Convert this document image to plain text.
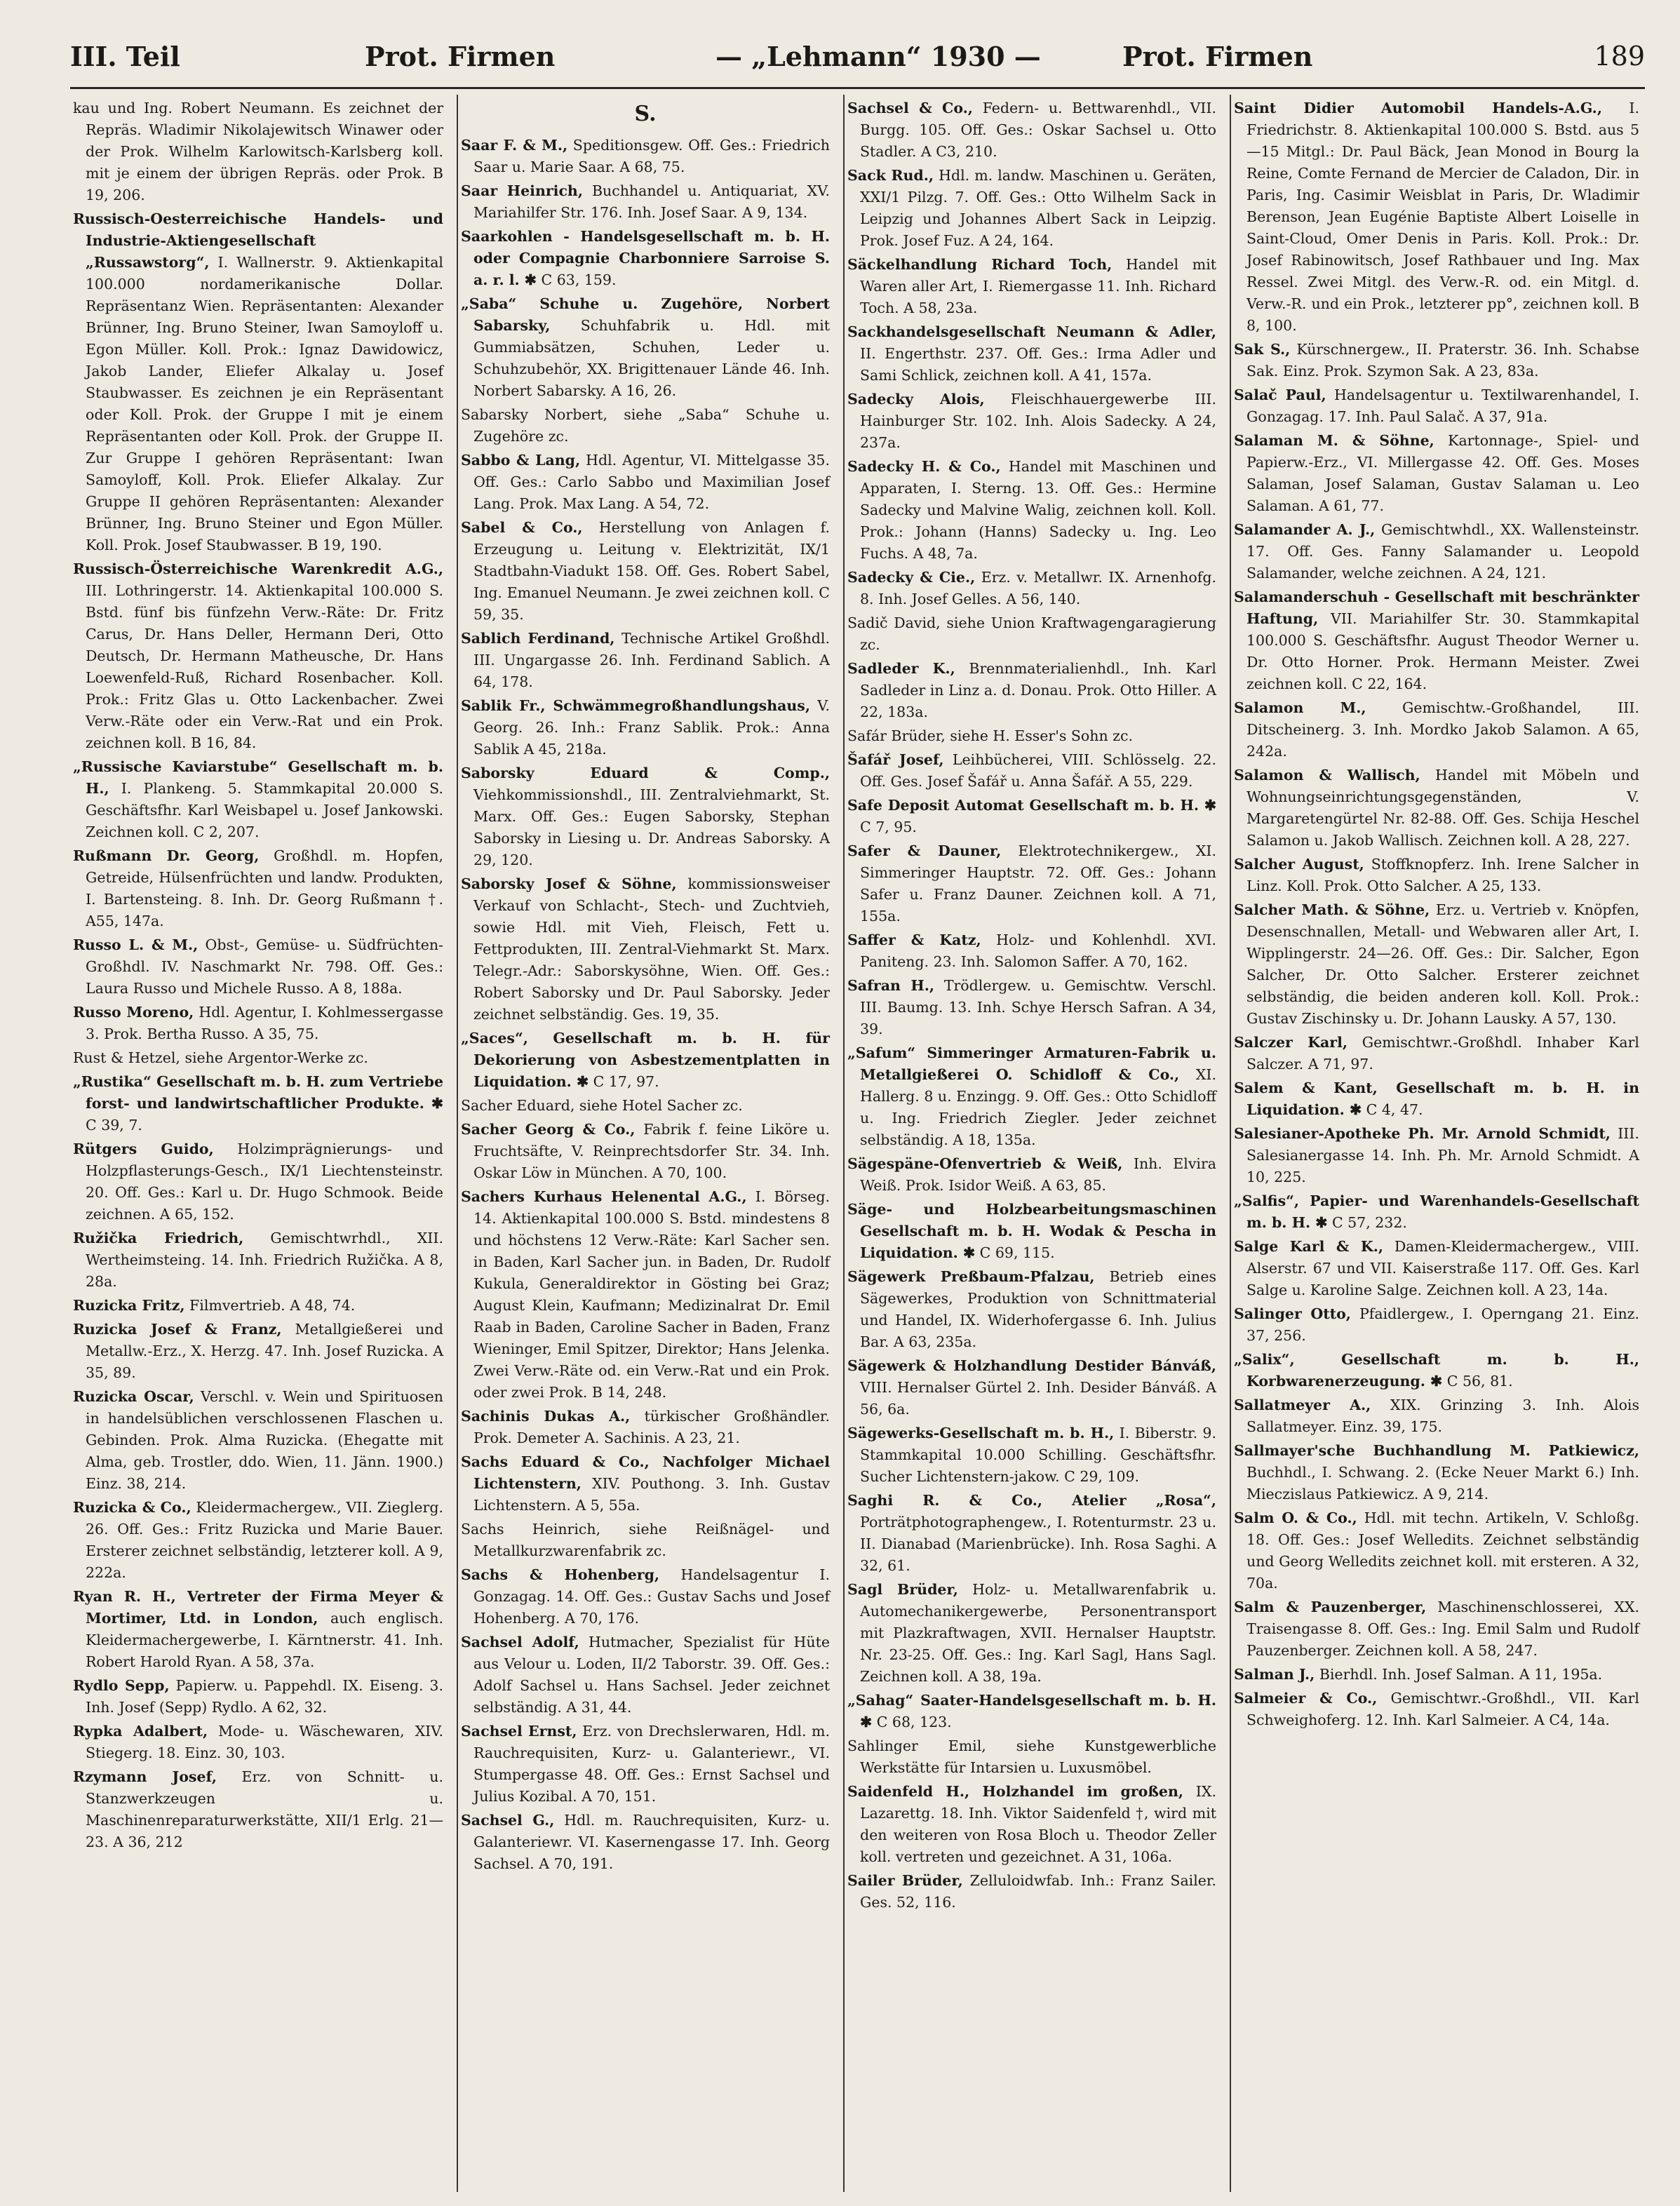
III. Teil	Prot. Firmen	— „Lehmann“ 1930 —	Prot. Firmen	189
kau und Ing. Robert Neumann. Es zeichnet der Repräs. Wladimir Nikolajewitsch Winawer oder der Prok. Wilhelm Karlowitsch-Karlsberg koll. mit je einem der übrigen Repräs. oder Prok. B 19, 206.
Russisch-Oesterreichische Handels- und Industrie-Aktiengesellschaft „Russawstorg“, I. Wallnerstr. 9. Aktienkapital 100.000 nordamerikanische Dollar. Repräsentanz Wien. Repräsentanten: Alexander Brünner, Ing. Bruno Steiner, Iwan Samoyloff u. Egon Müller. Koll. Prok.: Ignaz Dawidowicz, Jakob Lander, Eliefer Alkalay u. Josef Staubwasser. Es zeichnen je ein Repräsentant oder Koll. Prok. der Gruppe I mit je einem Repräsentanten oder Koll. Prok. der Gruppe II. Zur Gruppe I gehören Repräsentant: Iwan Samoyloff, Koll. Prok. Eliefer Alkalay. Zur Gruppe II gehören Repräsentanten: Alexander Brünner, Ing. Bruno Steiner und Egon Müller. Koll. Prok. Josef Staubwasser. B 19, 190.
Russisch-Österreichische Warenkredit A.G., III. Lothringerstr. 14. Aktienkapital 100.000 S. Bstd. fünf bis fünfzehn Verw.-Räte: Dr. Fritz Carus, Dr. Hans Deller, Hermann Deri, Otto Deutsch, Dr. Hermann Matheusche, Dr. Hans Loewenfeld-Ruß, Richard Rosenbacher. Koll. Prok.: Fritz Glas u. Otto Lackenbacher. Zwei Verw.-Räte oder ein Verw.-Rat und ein Prok. zeichnen koll. B 16, 84.
„Russische Kaviarstube“ Gesellschaft m. b. H., I. Plankeng. 5. Stammkapital 20.000 S. Geschäftsfhr. Karl Weisbapel u. Josef Jankowski. Zeichnen koll. C 2, 207.
Rußmann Dr. Georg, Großhdl. m. Hopfen, Getreide, Hülsenfrüchten und landw. Produkten, I. Bartensteing. 8. Inh. Dr. Georg Rußmann †. A55, 147a.
Russo L. & M., Obst-, Gemüse- u. Südfrüchten-Großhdl. IV. Naschmarkt Nr. 798. Off. Ges.: Laura Russo und Michele Russo. A 8, 188a.
Russo Moreno, Hdl. Agentur, I. Kohlmessergasse 3. Prok. Bertha Russo. A 35, 75.
Rust & Hetzel, siehe Argentor-Werke zc.
„Rustika“ Gesellschaft m. b. H. zum Vertriebe forst- und landwirtschaftlicher Produkte. ✱ C 39, 7.
Rütgers Guido, Holzimprägnierungs- und Holzpflasterungs-Gesch., IX/1 Liechtensteinstr. 20. Off. Ges.: Karl u. Dr. Hugo Schmook. Beide zeichnen. A 65, 152.
Ružička Friedrich, Gemischtwrhdl., XII. Wertheimsteing. 14. Inh. Friedrich Ružička. A 8, 28a.
Ruzicka Fritz, Filmvertrieb. A 48, 74.
Ruzicka Josef & Franz, Metallgießerei und Metallw.-Erz., X. Herzg. 47. Inh. Josef Ruzicka. A 35, 89.
Ruzicka Oscar, Verschl. v. Wein und Spirituosen in handelsüblichen verschlossenen Flaschen u. Gebinden. Prok. Alma Ruzicka. (Ehegatte mit Alma, geb. Trostler, ddo. Wien, 11. Jänn. 1900.) Einz. 38, 214.
Ruzicka & Co., Kleidermachergew., VII. Zieglerg. 26. Off. Ges.: Fritz Ruzicka und Marie Bauer. Ersterer zeichnet selbständig, letzterer koll. A 9, 222a.
Ryan R. H., Vertreter der Firma Meyer & Mortimer, Ltd. in London, auch englisch. Kleidermachergewerbe, I. Kärntnerstr. 41. Inh. Robert Harold Ryan. A 58, 37a.
Rydlo Sepp, Papierw. u. Pappehdl. IX. Eiseng. 3. Inh. Josef (Sepp) Rydlo. A 62, 32.
Rypka Adalbert, Mode- u. Wäschewaren, XIV. Stiegerg. 18. Einz. 30, 103.
Rzymann Josef, Erz. von Schnitt- u. Stanzwerkzeugen u. Maschinenreparaturwerkstätte, XII/1 Erlg. 21—23. A 36, 212
S.
Saar F. & M., Speditionsgew. Off. Ges.: Friedrich Saar u. Marie Saar. A 68, 75.
Saar Heinrich, Buchhandel u. Antiquariat, XV. Mariahilfer Str. 176. Inh. Josef Saar. A 9, 134.
Saarkohlen - Handelsgesellschaft m. b. H. oder Compagnie Charbonniere Sarroise S. a. r. l. ✱ C 63, 159.
„Saba“ Schuhe u. Zugehöre, Norbert Sabarsky, Schuhfabrik u. Hdl. mit Gummiabsätzen, Schuhen, Leder u. Schuhzubehör, XX. Brigittenauer Lände 46. Inh. Norbert Sabarsky. A 16, 26.
Sabarsky Norbert, siehe „Saba“ Schuhe u. Zugehöre zc.
Sabbo & Lang, Hdl. Agentur, VI. Mittelgasse 35. Off. Ges.: Carlo Sabbo und Maximilian Josef Lang. Prok. Max Lang. A 54, 72.
Sabel & Co., Herstellung von Anlagen f. Erzeugung u. Leitung v. Elektrizität, IX/1 Stadtbahn-Viadukt 158. Off. Ges. Robert Sabel, Ing. Emanuel Neumann. Je zwei zeichnen koll. C 59, 35.
Sablich Ferdinand, Technische Artikel Großhdl. III. Ungargasse 26. Inh. Ferdinand Sablich. A 64, 178.
Sablik Fr., Schwämmegroßhandlungshaus, V. Georg. 26. Inh.: Franz Sablik. Prok.: Anna Sablik A 45, 218a.
Saborsky Eduard & Comp., Viehkommissionshdl., III. Zentralviehmarkt, St. Marx. Off. Ges.: Eugen Saborsky, Stephan Saborsky in Liesing u. Dr. Andreas Saborsky. A 29, 120.
Saborsky Josef & Söhne, kommissionsweiser Verkauf von Schlacht-, Stech- und Zuchtvieh, sowie Hdl. mit Vieh, Fleisch, Fett u. Fettprodukten, III. Zentral-Viehmarkt St. Marx. Telegr.-Adr.: Saborskysöhne, Wien. Off. Ges.: Robert Saborsky und Dr. Paul Saborsky. Jeder zeichnet selbständig. Ges. 19, 35.
„Saces“, Gesellschaft m. b. H. für Dekorierung von Asbestzementplatten in Liquidation. ✱ C 17, 97.
Sacher Eduard, siehe Hotel Sacher zc.
Sacher Georg & Co., Fabrik f. feine Liköre u. Fruchtsäfte, V. Reinprechtsdorfer Str. 34. Inh. Oskar Löw in München. A 70, 100.
Sachers Kurhaus Helenental A.G., I. Börseg. 14. Aktienkapital 100.000 S. Bstd. mindestens 8 und höchstens 12 Verw.-Räte: Karl Sacher sen. in Baden, Karl Sacher jun. in Baden, Dr. Rudolf Kukula, Generaldirektor in Gösting bei Graz; August Klein, Kaufmann; Medizinalrat Dr. Emil Raab in Baden, Caroline Sacher in Baden, Franz Wieninger, Emil Spitzer, Direktor; Hans Jelenka. Zwei Verw.-Räte od. ein Verw.-Rat und ein Prok. oder zwei Prok. B 14, 248.
Sachinis Dukas A., türkischer Großhändler. Prok. Demeter A. Sachinis. A 23, 21.
Sachs Eduard & Co., Nachfolger Michael Lichtenstern, XIV. Pouthong. 3. Inh. Gustav Lichtenstern. A 5, 55a.
Sachs Heinrich, siehe Reißnägel- und Metallkurzwarenfabrik zc.
Sachs & Hohenberg, Handelsagentur I. Gonzagag. 14. Off. Ges.: Gustav Sachs und Josef Hohenberg. A 70, 176.
Sachsel Adolf, Hutmacher, Spezialist für Hüte aus Velour u. Loden, II/2 Taborstr. 39. Off. Ges.: Adolf Sachsel u. Hans Sachsel. Jeder zeichnet selbständig. A 31, 44.
Sachsel Ernst, Erz. von Drechslerwaren, Hdl. m. Rauchrequisiten, Kurz- u. Galanteriewr., VI. Stumpergasse 48. Off. Ges.: Ernst Sachsel und Julius Kozibal. A 70, 151.
Sachsel G., Hdl. m. Rauchrequisiten, Kurz- u. Galanteriewr. VI. Kasernengasse 17. Inh. Georg Sachsel. A 70, 191.
Sachsel & Co., Federn- u. Bettwarenhdl., VII. Burgg. 105. Off. Ges.: Oskar Sachsel u. Otto Stadler. A C3, 210.
Sack Rud., Hdl. m. landw. Maschinen u. Geräten, XXI/1 Pilzg. 7. Off. Ges.: Otto Wilhelm Sack in Leipzig und Johannes Albert Sack in Leipzig. Prok. Josef Fuz. A 24, 164.
Säckelhandlung Richard Toch, Handel mit Waren aller Art, I. Riemergasse 11. Inh. Richard Toch. A 58, 23a.
Sackhandelsgesellschaft Neumann & Adler, II. Engerthstr. 237. Off. Ges.: Irma Adler und Sami Schlick, zeichnen koll. A 41, 157a.
Sadecky Alois, Fleischhauergewerbe III. Hainburger Str. 102. Inh. Alois Sadecky. A 24, 237a.
Sadecky H. & Co., Handel mit Maschinen und Apparaten, I. Sterng. 13. Off. Ges.: Hermine Sadecky und Malvine Walig, zeichnen koll. Koll. Prok.: Johann (Hanns) Sadecky u. Ing. Leo Fuchs. A 48, 7a.
Sadecky & Cie., Erz. v. Metallwr. IX. Arnenhofg. 8. Inh. Josef Gelles. A 56, 140.
Sadič David, siehe Union Kraftwagengaragierung zc.
Sadleder K., Brennmaterialienhdl., Inh. Karl Sadleder in Linz a. d. Donau. Prok. Otto Hiller. A 22, 183a.
Safár Brüder, siehe H. Esser's Sohn zc.
Šafář Josef, Leihbücherei, VIII. Schlösselg. 22. Off. Ges. Josef Šafář u. Anna Šafář. A 55, 229.
Safe Deposit Automat Gesellschaft m. b. H. ✱ C 7, 95.
Safer & Dauner, Elektrotechnikergew., XI. Simmeringer Hauptstr. 72. Off. Ges.: Johann Safer u. Franz Dauner. Zeichnen koll. A 71, 155a.
Saffer & Katz, Holz- und Kohlenhdl. XVI. Paniteng. 23. Inh. Salomon Saffer. A 70, 162.
Safran H., Trödlergew. u. Gemischtw. Verschl. III. Baumg. 13. Inh. Schye Hersch Safran. A 34, 39.
„Safum“ Simmeringer Armaturen-Fabrik u. Metallgießerei O. Schidloff & Co., XI. Hallerg. 8 u. Enzingg. 9. Off. Ges.: Otto Schidloff u. Ing. Friedrich Ziegler. Jeder zeichnet selbständig. A 18, 135a.
Sägespäne-Ofenvertrieb & Weiß, Inh. Elvira Weiß. Prok. Isidor Weiß. A 63, 85.
Säge- und Holzbearbeitungsmaschinen Gesellschaft m. b. H. Wodak & Pescha in Liquidation. ✱ C 69, 115.
Sägewerk Preßbaum-Pfalzau, Betrieb eines Sägewerkes, Produktion von Schnittmaterial und Handel, IX. Widerhofergasse 6. Inh. Julius Bar. A 63, 235a.
Sägewerk & Holzhandlung Destider Bánváß, VIII. Hernalser Gürtel 2. Inh. Desider Bánváß. A 56, 6a.
Sägewerks-Gesellschaft m. b. H., I. Biberstr. 9. Stammkapital 10.000 Schilling. Geschäftsfhr. Sucher Lichtenstern-jakow. C 29, 109.
Saghi R. & Co., Atelier „Rosa“, Porträtphotographengew., I. Rotenturmstr. 23 u. II. Dianabad (Marienbrücke). Inh. Rosa Saghi. A 32, 61.
Sagl Brüder, Holz- u. Metallwarenfabrik u. Automechanikergewerbe, Personentransport mit Plazkraftwagen, XVII. Hernalser Hauptstr. Nr. 23-25. Off. Ges.: Ing. Karl Sagl, Hans Sagl. Zeichnen koll. A 38, 19a.
„Sahag“ Saater-Handelsgesellschaft m. b. H. ✱ C 68, 123.
Sahlinger Emil, siehe Kunstgewerbliche Werkstätte für Intarsien u. Luxusmöbel.
Saidenfeld H., Holzhandel im großen, IX. Lazarettg. 18. Inh. Viktor Saidenfeld †, wird mit den weiteren von Rosa Bloch u. Theodor Zeller koll. vertreten und gezeichnet. A 31, 106a.
Sailer Brüder, Zelluloidwfab. Inh.: Franz Sailer. Ges. 52, 116.
Saint Didier Automobil Handels-A.G., I. Friedrichstr. 8. Aktienkapital 100.000 S. Bstd. aus 5—15 Mitgl.: Dr. Paul Bäck, Jean Monod in Bourg la Reine, Comte Fernand de Mercier de Caladon, Dir. in Paris, Ing. Casimir Weisblat in Paris, Dr. Wladimir Berenson, Jean Eugénie Baptiste Albert Loiselle in Saint-Cloud, Omer Denis in Paris. Koll. Prok.: Dr. Josef Rabinowitsch, Josef Rathbauer und Ing. Max Ressel. Zwei Mitgl. des Verw.-R. od. ein Mitgl. d. Verw.-R. und ein Prok., letzterer pp°, zeichnen koll. B 8, 100.
Sak S., Kürschnergew., II. Praterstr. 36. Inh. Schabse Sak. Einz. Prok. Szymon Sak. A 23, 83a.
Salač Paul, Handelsagentur u. Textilwarenhandel, I. Gonzagag. 17. Inh. Paul Salač. A 37, 91a.
Salaman M. & Söhne, Kartonnage-, Spiel- und Papierw.-Erz., VI. Millergasse 42. Off. Ges. Moses Salaman, Josef Salaman, Gustav Salaman u. Leo Salaman. A 61, 77.
Salamander A. J., Gemischtwhdl., XX. Wallensteinstr. 17. Off. Ges. Fanny Salamander u. Leopold Salamander, welche zeichnen. A 24, 121.
Salamanderschuh - Gesellschaft mit beschränkter Haftung, VII. Mariahilfer Str. 30. Stammkapital 100.000 S. Geschäftsfhr. August Theodor Werner u. Dr. Otto Horner. Prok. Hermann Meister. Zwei zeichnen koll. C 22, 164.
Salamon M.,	Gemischtw.-Großhandel, III. Ditscheinerg. 3. Inh. Mordko Jakob Salamon. A 65, 242a.
Salamon & Wallisch, Handel mit Möbeln und Wohnungseinrichtungsgegenständen, V. Margaretengürtel Nr. 82-88. Off. Ges. Schija Heschel Salamon u. Jakob Wallisch. Zeichnen koll. A 28, 227.
Salcher August, Stoffknopferz. Inh. Irene Salcher in Linz. Koll. Prok. Otto Salcher. A 25, 133.
Salcher Math. & Söhne, Erz. u. Vertrieb v. Knöpfen, Desenschnallen, Metall- und Webwaren aller Art, I. Wipplingerstr. 24—26. Off. Ges.: Dir. Salcher, Egon Salcher, Dr. Otto Salcher. Ersterer zeichnet selbständig, die beiden anderen koll. Koll. Prok.: Gustav Zischinsky u. Dr. Johann Lausky. A 57, 130.
Salczer Karl, Gemischtwr.-Großhdl. Inhaber Karl Salczer. A 71, 97.
Salem & Kant, Gesellschaft m. b. H. in Liquidation. ✱ C 4, 47.
Salesianer-Apotheke Ph. Mr. Arnold Schmidt, III. Salesianergasse 14. Inh. Ph. Mr. Arnold Schmidt. A 10, 225.
„Salfis“, Papier- und Warenhandels-Gesellschaft m. b. H. ✱ C 57, 232.
Salge Karl & K., Damen-Kleidermachergew., VIII. Alserstr. 67 und VII. Kaiserstraße 117. Off. Ges. Karl Salge u. Karoline Salge. Zeichnen koll. A 23, 14a.
Salinger Otto, Pfaidlergew., I. Operngang 21. Einz. 37, 256.
„Salix“, Gesellschaft m. b. H., Korbwarenerzeugung. ✱ C 56, 81.
Sallatmeyer A., XIX. Grinzing 3. Inh. Alois Sallatmeyer. Einz. 39, 175.
Sallmayer'sche Buchhandlung M. Patkiewicz, Buchhdl., I. Schwang. 2. (Ecke Neuer Markt 6.) Inh. Mieczislaus Patkiewicz. A 9, 214.
Salm O. & Co., Hdl. mit techn. Artikeln, V. Schloßg. 18. Off. Ges.: Josef Welledits. Zeichnet selbständig und Georg Welledits zeichnet koll. mit ersteren. A 32, 70a.
Salm & Pauzenberger, Maschinenschlosserei, XX. Traisengasse 8. Off. Ges.: Ing. Emil Salm und Rudolf Pauzenberger. Zeichnen koll. A 58, 247.
Salman J., Bierhdl. Inh. Josef Salman. A 11, 195a.
Salmeier & Co., Gemischtwr.-Großhdl., VII. Karl Schweighoferg. 12. Inh. Karl Salmeier. A C4, 14a.
